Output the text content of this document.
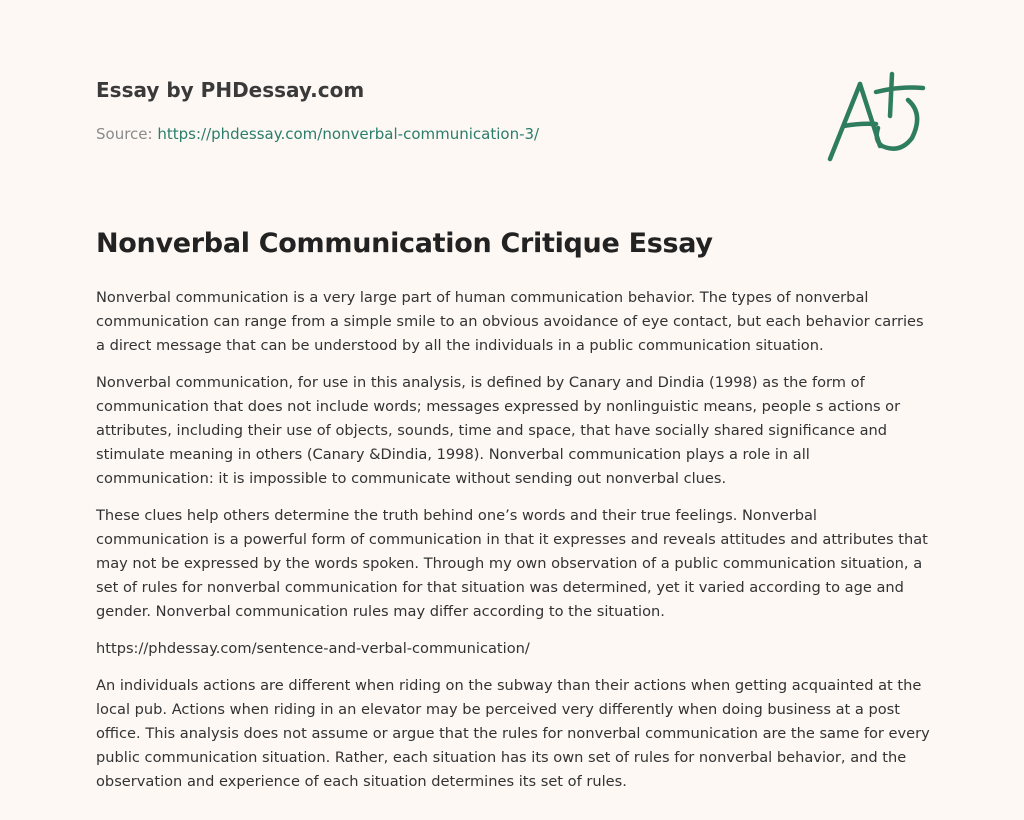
Essay by PHDessay.com
Source: https://phdessay.com/nonverbal-communication-3/
Nonverbal Communication Critique Essay

Nonverbal communication is a very large part of human communication behavior. The types of nonverbal communication can range from a simple smile to an obvious avoidance of eye contact, but each behavior carries a direct message that can be understood by all the individuals in a public communication situation.

Nonverbal communication, for use in this analysis, is defined by Canary and Dindia (1998) as the form of communication that does not include words; messages expressed by nonlinguistic means, people s actions or attributes, including their use of objects, sounds, time and space, that have socially shared significance and stimulate meaning in others (Canary &Dindia, 1998). Nonverbal communication plays a role in all communication: it is impossible to communicate without sending out nonverbal clues.

These clues help others determine the truth behind one’s words and their true feelings. Nonverbal communication is a powerful form of communication in that it expresses and reveals attitudes and attributes that may not be expressed by the words spoken. Through my own observation of a public communication situation, a set of rules for nonverbal communication for that situation was determined, yet it varied according to age and gender. Nonverbal communication rules may differ according to the situation.

https://phdessay.com/sentence-and-verbal-communication/

An individuals actions are different when riding on the subway than their actions when getting acquainted at the local pub. Actions when riding in an elevator may be perceived very differently when doing business at a post office. This analysis does not assume or argue that the rules for nonverbal communication are the same for every public communication situation. Rather, each situation has its own set of rules for nonverbal behavior, and the observation and experience of each situation determines its set of rules.
